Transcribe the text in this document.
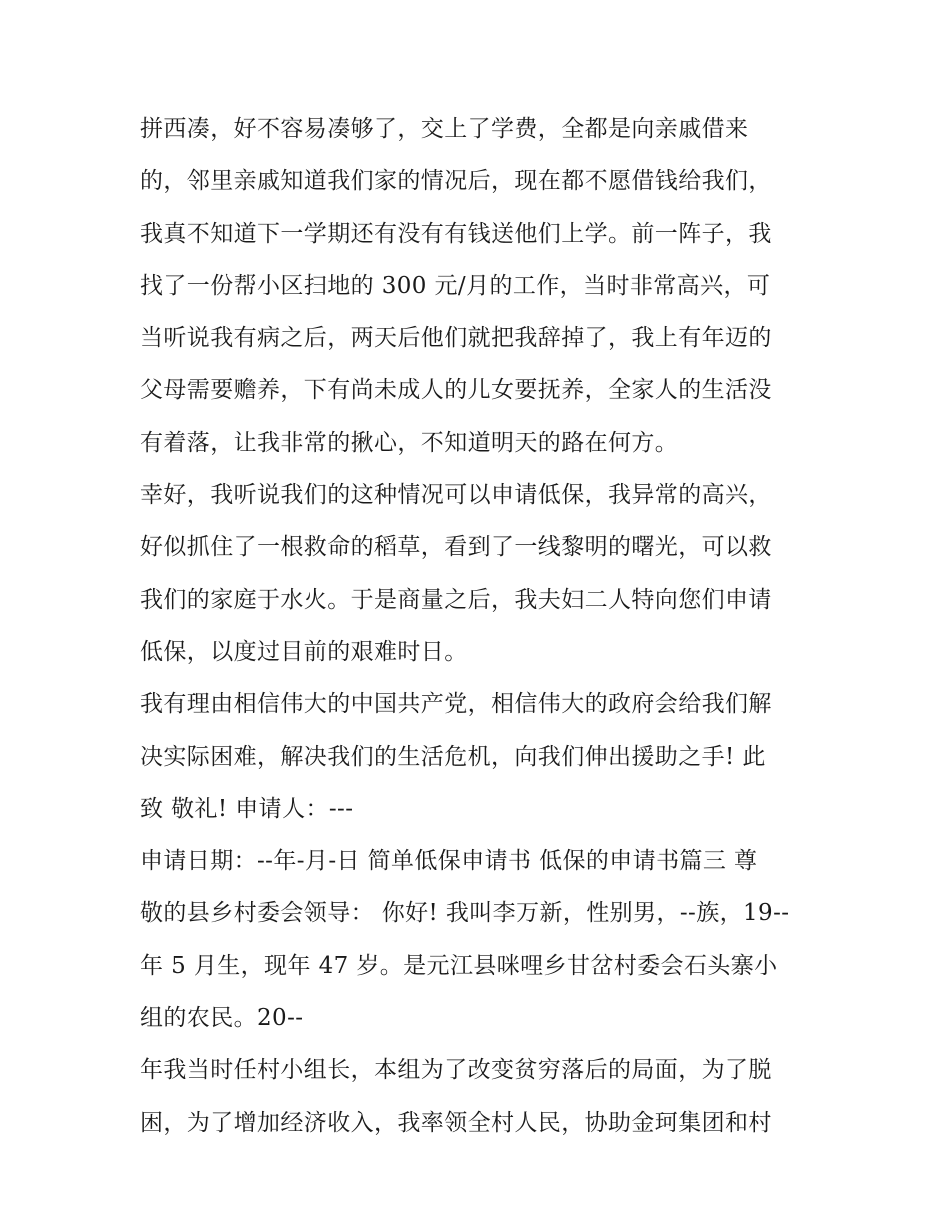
拼西凑，好不容易凑够了，交上了学费，全都是向亲戚借来
的，邻里亲戚知道我们家的情况后，现在都不愿借钱给我们，
我真不知道下一学期还有没有有钱送他们上学。前一阵子，我
找了一份帮小区扫地的 300 元/月的工作，当时非常高兴，可
当听说我有病之后，两天后他们就把我辞掉了，我上有年迈的
父母需要赡养，下有尚未成人的儿女要抚养，全家人的生活没
有着落，让我非常的揪心，不知道明天的路在何方。
幸好，我听说我们的这种情况可以申请低保，我异常的高兴，
好似抓住了一根救命的稻草，看到了一线黎明的曙光，可以救
我们的家庭于水火。于是商量之后，我夫妇二人特向您们申请
低保，以度过目前的艰难时日。
我有理由相信伟大的中国共产党，相信伟大的政府会给我们解
决实际困难，解决我们的生活危机，向我们伸出援助之手! 此
致 敬礼! 申请人：---
申请日期：--年-月-日 简单低保申请书 低保的申请书篇三 尊
敬的县乡村委会领导： 你好! 我叫李万新，性别男，--族，19--
年 5 月生，现年 47 岁。是元江县咪哩乡甘岔村委会石头寨小
组的农民。20--
年我当时任村小组长，本组为了改变贫穷落后的局面，为了脱
困，为了增加经济收入，我率领全村人民，协助金珂集团和村
